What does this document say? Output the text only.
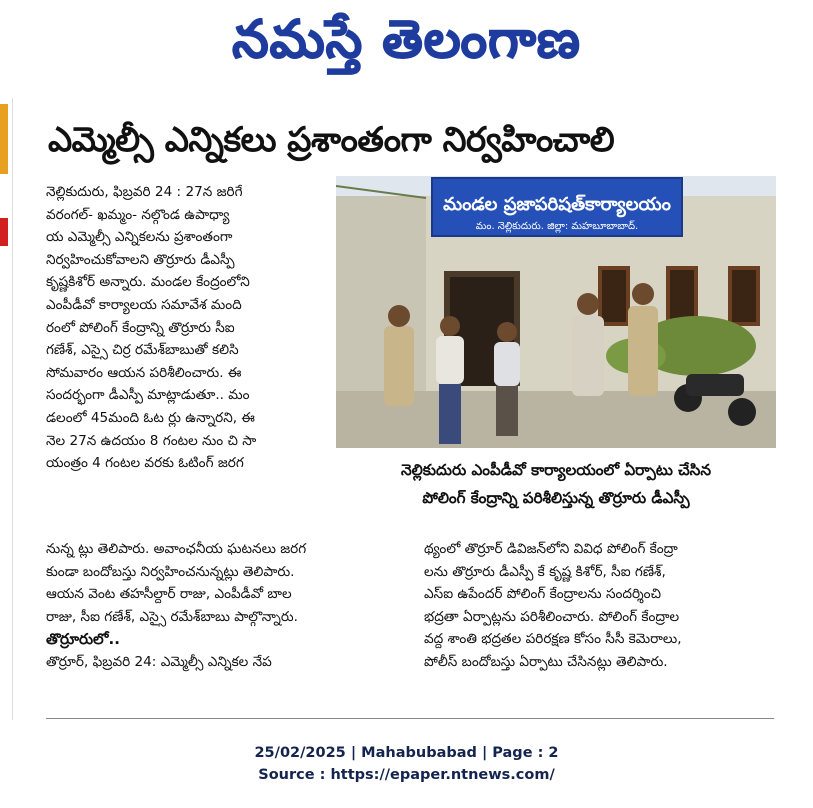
నమస్తే తెలంగాణ
ఎమ్మెల్సీ ఎన్నికలు ప్రశాంతంగా నిర్వహించాలి
నెల్లికుదురు, ఫిబ్రవరి 24 : 27న జరిగే
వరంగల్- ఖమ్మం- నల్గొండ ఉపాధ్యా
య ఎమ్మెల్సీ ఎన్నికలను ప్రశాంతంగా
నిర్వహించుకోవాలని తొర్రూరు డీఎస్పీ
కృష్ణకిశోర్ అన్నారు. మండల కేంద్రంలోని
ఎంపీడీవో కార్యాలయ సమావేశ మంది
రంలో పోలింగ్ కేంద్రాన్ని తొర్రూరు సీఐ
గణేశ్, ఎస్సై చిర్ర రమేశ్‌బాబుతో కలిసి
సోమవారం ఆయన పరిశీలించారు. ఈ
సందర్భంగా డీఎస్పీ మాట్లాడుతూ.. మం
డలంలో 45మంది ఓట ర్లు ఉన్నారని, ఈ
నెల 27న ఉదయం 8 గంటల నుం చి సా
యంత్రం 4 గంటల వరకు ఓటింగ్ జరగ
మండల ప్రజాపరిషత్‌కార్యాలయం
మం. నెల్లికుదురు. జిల్లా: మహబూబాబాద్.
నెల్లికుదురు ఎంపీడీవో కార్యాలయంలో ఏర్పాటు చేసిన
పోలింగ్ కేంద్రాన్ని పరిశీలిస్తున్న తొర్రూరు డీఎస్పీ
నున్న ట్లు తెలిపారు. అవాంఛనీయ ఘటనలు జరగ
కుండా బందోబస్తు నిర్వహించనున్నట్లు తెలిపారు.
ఆయన వెంట తహసీల్దార్ రాజు, ఎంపీడీవో బాల
రాజు, సీఐ గణేశ్, ఎస్సై రమేశ్‌బాబు పాల్గొన్నారు.
తొర్రూరులో..
తొర్రూర్, ఫిబ్రవరి 24: ఎమ్మెల్సీ ఎన్నికల నేప
థ్యంలో తొర్రూర్ డివిజన్‌లోని వివిధ పోలింగ్ కేంద్రా
లను తొర్రూరు డీఎస్పీ కే కృష్ణ కిశోర్, సీఐ గణేశ్,
ఎస్ఐ ఉపేందర్ పోలింగ్ కేంద్రాలను సందర్శించి
భద్రతా ఏర్పాట్లను పరిశీలించారు. పోలింగ్ కేంద్రాల
వద్ద శాంతి భద్రతల పరిరక్షణ కోసం సీసీ కెమెరాలు,
పోలీస్ బందోబస్తు ఏర్పాటు చేసినట్లు తెలిపారు.
25/02/2025 | Mahabubabad | Page : 2
Source : https://epaper.ntnews.com/
